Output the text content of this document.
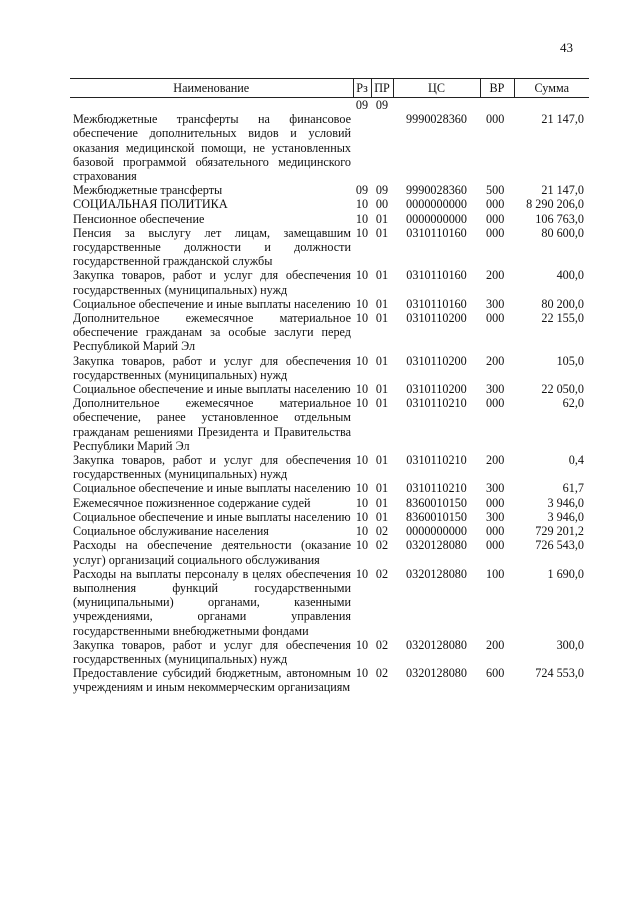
43
Наименование	Рз	ПР	ЦС	ВР	Сумма
Межбюджетные трансферты на финансовое обеспечение дополнительных видов и условий оказания медицинской помощи, не установленных базовой программой обязательного медицинского страхования	09	09	9990028360	000	21 147,0
Межбюджетные трансферты	09	09	9990028360	500	21 147,0
СОЦИАЛЬНАЯ ПОЛИТИКА	10	00	0000000000	000	8 290 206,0
Пенсионное обеспечение	10	01	0000000000	000	106 763,0
Пенсия за выслугу лет лицам, замещавшим государственные должности и должности государственной гражданской службы	10	01	0310110160	000	80 600,0
Закупка товаров, работ и услуг для обеспечения государственных (муниципальных) нужд	10	01	0310110160	200	400,0
Социальное обеспечение и иные выплаты населению	10	01	0310110160	300	80 200,0
Дополнительное ежемесячное материальное обеспечение гражданам за особые заслуги перед Республикой Марий Эл	10	01	0310110200	000	22 155,0
Закупка товаров, работ и услуг для обеспечения государственных (муниципальных) нужд	10	01	0310110200	200	105,0
Социальное обеспечение и иные выплаты населению	10	01	0310110200	300	22 050,0
Дополнительное ежемесячное материальное обеспечение, ранее установленное отдельным гражданам решениями Президента и Правительства Республики Марий Эл	10	01	0310110210	000	62,0
Закупка товаров, работ и услуг для обеспечения государственных (муниципальных) нужд	10	01	0310110210	200	0,4
Социальное обеспечение и иные выплаты населению	10	01	0310110210	300	61,7
Ежемесячное пожизненное содержание судей	10	01	8360010150	000	3 946,0
Социальное обеспечение и иные выплаты населению	10	01	8360010150	300	3 946,0
Социальное обслуживание населения	10	02	0000000000	000	729 201,2
Расходы на обеспечение деятельности (оказание услуг) организаций социального обслуживания	10	02	0320128080	000	726 543,0
Расходы на выплаты персоналу в целях обеспечения выполнения функций государственными (муниципальными) органами, казенными учреждениями, органами управления государственными внебюджетными фондами	10	02	0320128080	100	1 690,0
Закупка товаров, работ и услуг для обеспечения государственных (муниципальных) нужд	10	02	0320128080	200	300,0
Предоставление субсидий бюджетным, автономным учреждениям и иным некоммерческим организациям	10	02	0320128080	600	724 553,0
